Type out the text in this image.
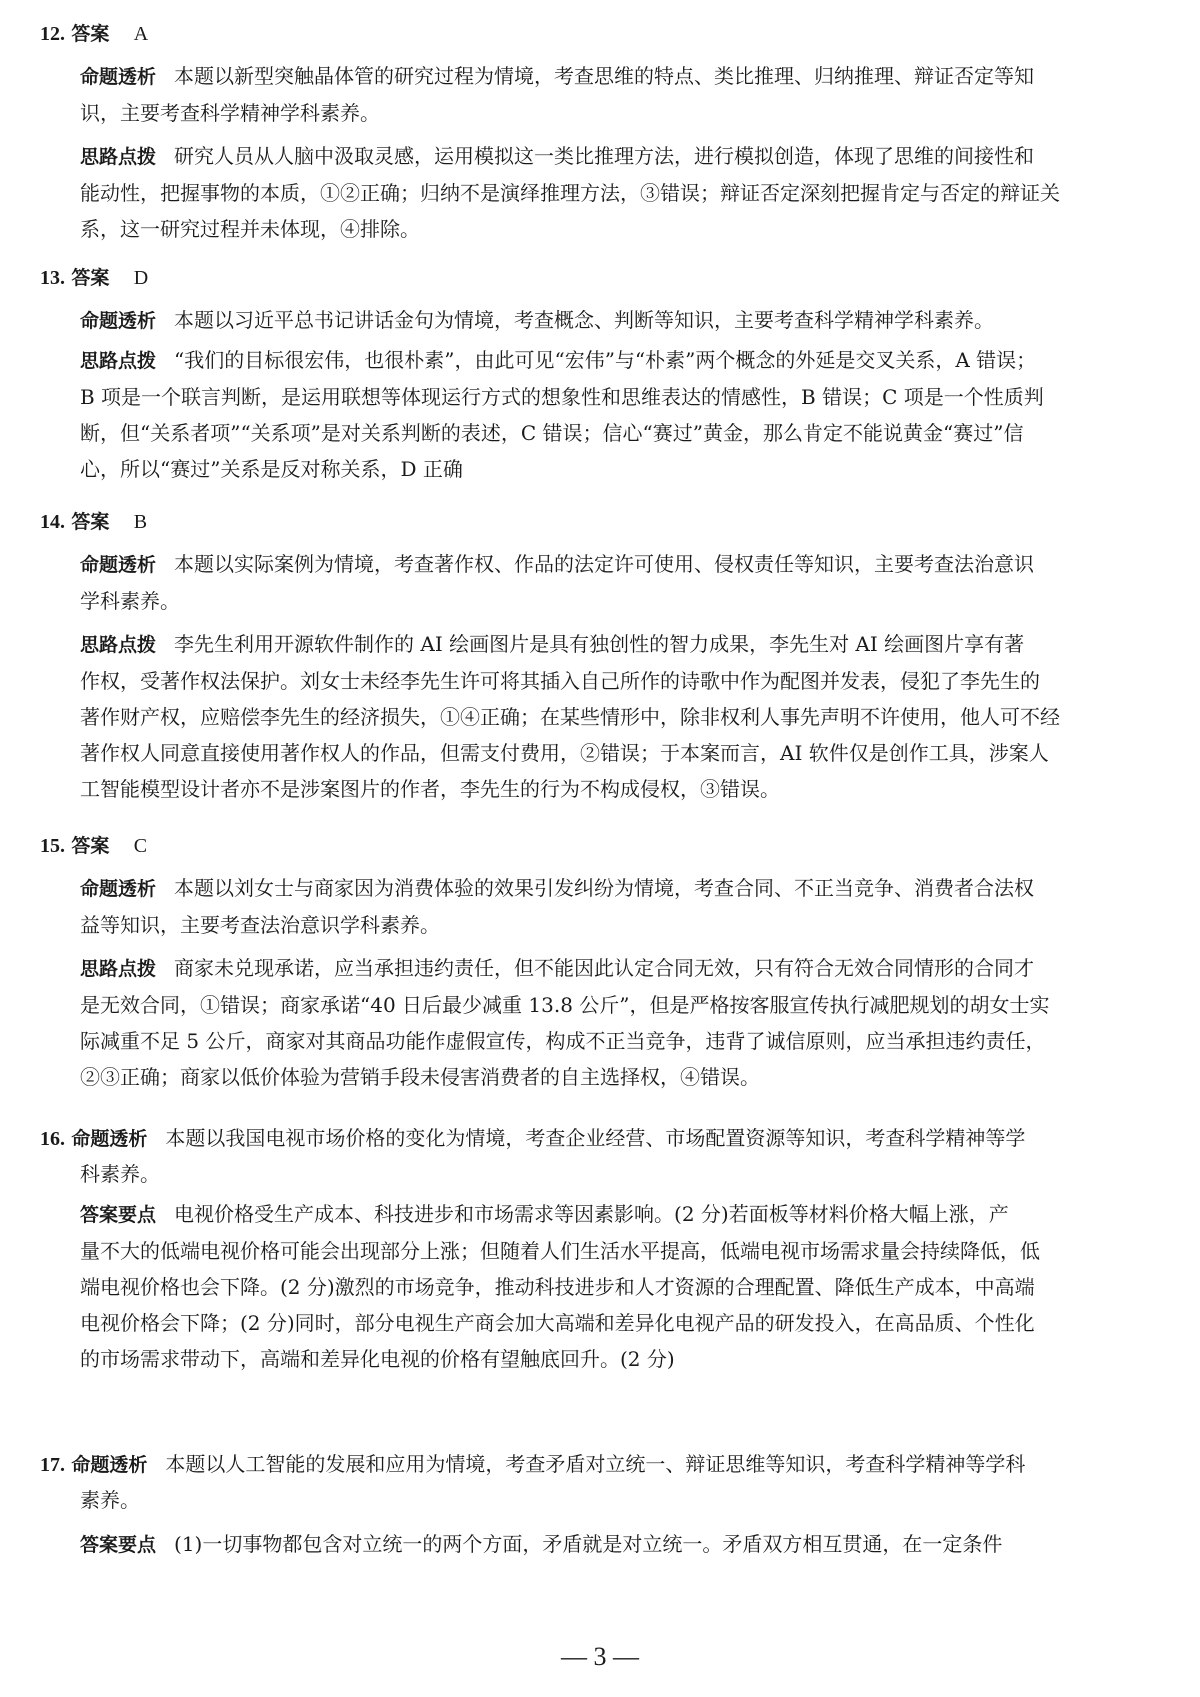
12. 答案 A
命题透析 本题以新型突触晶体管的研究过程为情境，考查思维的特点、类比推理、归纳推理、辩证否定等知
识，主要考查科学精神学科素养。
思路点拨 研究人员从人脑中汲取灵感，运用模拟这一类比推理方法，进行模拟创造，体现了思维的间接性和
能动性，把握事物的本质，①②正确；归纳不是演绎推理方法，③错误；辩证否定深刻把握肯定与否定的辩证关
系，这一研究过程并未体现，④排除。
13. 答案 D
命题透析 本题以习近平总书记讲话金句为情境，考查概念、判断等知识，主要考查科学精神学科素养。
思路点拨 “我们的目标很宏伟，也很朴素”，由此可见“宏伟”与“朴素”两个概念的外延是交叉关系，A 错误；
B 项是一个联言判断，是运用联想等体现运行方式的想象性和思维表达的情感性，B 错误；C 项是一个性质判
断，但“关系者项”“关系项”是对关系判断的表述，C 错误；信心“赛过”黄金，那么肯定不能说黄金“赛过”信
心，所以“赛过”关系是反对称关系，D 正确
14. 答案 B
命题透析 本题以实际案例为情境，考查著作权、作品的法定许可使用、侵权责任等知识，主要考查法治意识
学科素养。
思路点拨 李先生利用开源软件制作的 AI 绘画图片是具有独创性的智力成果，李先生对 AI 绘画图片享有著
作权，受著作权法保护。刘女士未经李先生许可将其插入自己所作的诗歌中作为配图并发表，侵犯了李先生的
著作财产权，应赔偿李先生的经济损失，①④正确；在某些情形中，除非权利人事先声明不许使用，他人可不经
著作权人同意直接使用著作权人的作品，但需支付费用，②错误；于本案而言，AI 软件仅是创作工具，涉案人
工智能模型设计者亦不是涉案图片的作者，李先生的行为不构成侵权，③错误。
15. 答案 C
命题透析 本题以刘女士与商家因为消费体验的效果引发纠纷为情境，考查合同、不正当竞争、消费者合法权
益等知识，主要考查法治意识学科素养。
思路点拨 商家未兑现承诺，应当承担违约责任，但不能因此认定合同无效，只有符合无效合同情形的合同才
是无效合同，①错误；商家承诺“40 日后最少减重 13.8 公斤”，但是严格按客服宣传执行减肥规划的胡女士实
际减重不足 5 公斤，商家对其商品功能作虚假宣传，构成不正当竞争，违背了诚信原则，应当承担违约责任，
②③正确；商家以低价体验为营销手段未侵害消费者的自主选择权，④错误。
16. 命题透析 本题以我国电视市场价格的变化为情境，考查企业经营、市场配置资源等知识，考查科学精神等学
科素养。
答案要点 电视价格受生产成本、科技进步和市场需求等因素影响。(2 分)若面板等材料价格大幅上涨，产
量不大的低端电视价格可能会出现部分上涨；但随着人们生活水平提高，低端电视市场需求量会持续降低，低
端电视价格也会下降。(2 分)激烈的市场竞争，推动科技进步和人才资源的合理配置、降低生产成本，中高端
电视价格会下降；(2 分)同时，部分电视生产商会加大高端和差异化电视产品的研发投入，在高品质、个性化
的市场需求带动下，高端和差异化电视的价格有望触底回升。(2 分)
17. 命题透析 本题以人工智能的发展和应用为情境，考查矛盾对立统一、辩证思维等知识，考查科学精神等学科
素养。
答案要点 (1)一切事物都包含对立统一的两个方面，矛盾就是对立统一。矛盾双方相互贯通，在一定条件
— 3 —
